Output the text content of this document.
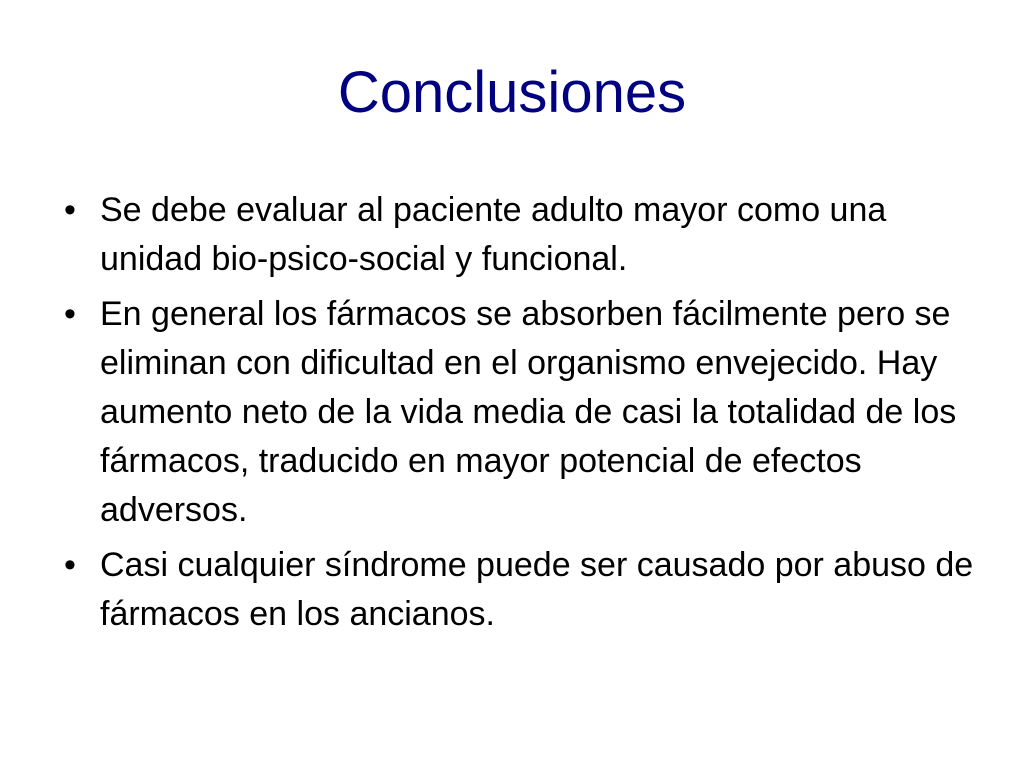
Conclusiones
• Se debe evaluar al paciente adulto mayor como una unidad bio-psico-social y funcional.
• En general los fármacos se absorben fácilmente pero se eliminan con dificultad en el organismo envejecido. Hay aumento neto de la vida media de casi la totalidad de los fármacos, traducido en mayor potencial de efectos adversos.
• Casi cualquier síndrome puede ser causado por abuso de fármacos en los ancianos.
